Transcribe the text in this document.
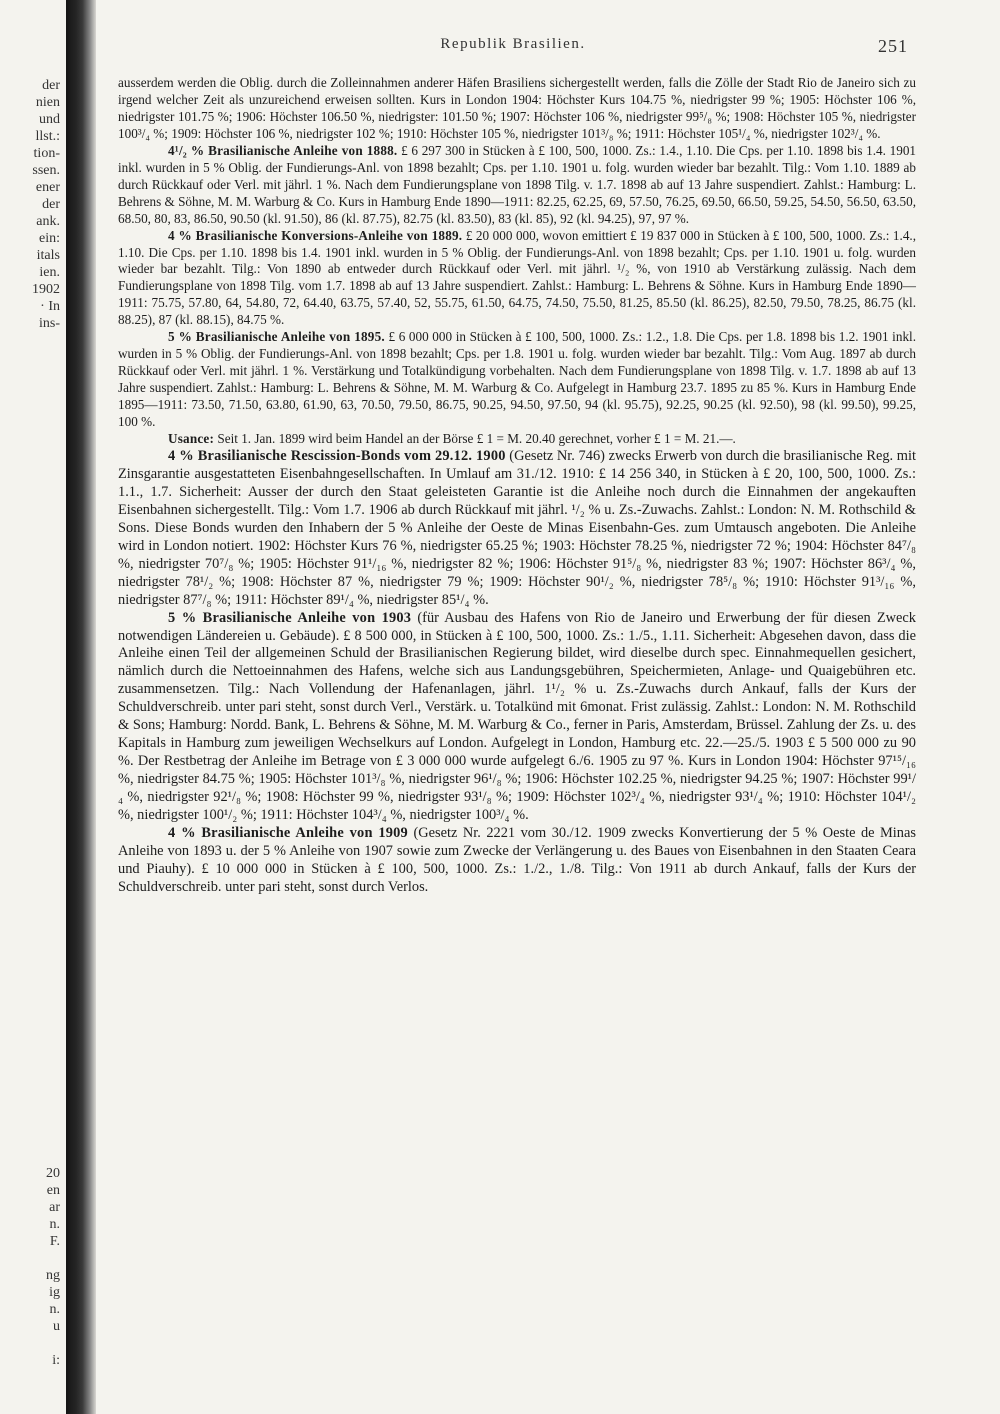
der
nien
und
llst.:
tion-
ssen.
ener
der
ank.
ein:
itals
ien.
1902
· In
ins-
20
en
ar
n.
F.
ng
ig
n.
u
i:
Republik Brasilien.	251

ausserdem werden die Oblig. durch die Zolleinnahmen anderer Häfen Brasiliens sichergestellt werden, falls die Zölle der Stadt Rio de Janeiro sich zu irgend welcher Zeit als unzureichend erweisen sollten. Kurs in London 1904: Höchster Kurs 104.75 %, niedrigster 99 %; 1905: Höchster 106 %, niedrigster 101.75 %; 1906: Höchster 106.50 %, niedrigster: 101.50 %; 1907: Höchster 106 %, niedrigster 99⁵/₈ %; 1908: Höchster 105 %, niedrigster 100³/₄ %; 1909: Höchster 106 %, niedrigster 102 %; 1910: Höchster 105 %, niedrigster 101³/₈ %; 1911: Höchster 105¹/₄ %, niedrigster 102³/₄ %.

4¹/₂ % Brasilianische Anleihe von 1888. £ 6 297 300 in Stücken à £ 100, 500, 1000. Zs.: 1.4., 1.10. Die Cps. per 1.10. 1898 bis 1.4. 1901 inkl. wurden in 5 % Oblig. der Fundierungs-Anl. von 1898 bezahlt; Cps. per 1.10. 1901 u. folg. wurden wieder bar bezahlt. Tilg.: Vom 1.10. 1889 ab durch Rückkauf oder Verl. mit jährl. 1 %. Nach dem Fundierungsplane von 1898 Tilg. v. 1.7. 1898 ab auf 13 Jahre suspendiert. Zahlst.: Hamburg: L. Behrens & Söhne, M. M. Warburg & Co. Kurs in Hamburg Ende 1890—1911: 82.25, 62.25, 69, 57.50, 76.25, 69.50, 66.50, 59.25, 54.50, 56.50, 63.50, 68.50, 80, 83, 86.50, 90.50 (kl. 91.50), 86 (kl. 87.75), 82.75 (kl. 83.50), 83 (kl. 85), 92 (kl. 94.25), 97, 97 %.

4 % Brasilianische Konversions-Anleihe von 1889. £ 20 000 000, wovon emittiert £ 19 837 000 in Stücken à £ 100, 500, 1000. Zs.: 1.4., 1.10. Die Cps. per 1.10. 1898 bis 1.4. 1901 inkl. wurden in 5 % Oblig. der Fundierungs-Anl. von 1898 bezahlt; Cps. per 1.10. 1901 u. folg. wurden wieder bar bezahlt. Tilg.: Von 1890 ab entweder durch Rückkauf oder Verl. mit jährl. ¹/₂ %, von 1910 ab Verstärkung zulässig. Nach dem Fundierungsplane von 1898 Tilg. vom 1.7. 1898 ab auf 13 Jahre suspendiert. Zahlst.: Hamburg: L. Behrens & Söhne. Kurs in Hamburg Ende 1890—1911: 75.75, 57.80, 64, 54.80, 72, 64.40, 63.75, 57.40, 52, 55.75, 61.50, 64.75, 74.50, 75.50, 81.25, 85.50 (kl. 86.25), 82.50, 79.50, 78.25, 86.75 (kl. 88.25), 87 (kl. 88.15), 84.75 %.

5 % Brasilianische Anleihe von 1895. £ 6 000 000 in Stücken à £ 100, 500, 1000. Zs.: 1.2., 1.8. Die Cps. per 1.8. 1898 bis 1.2. 1901 inkl. wurden in 5 % Oblig. der Fundierungs-Anl. von 1898 bezahlt; Cps. per 1.8. 1901 u. folg. wurden wieder bar bezahlt. Tilg.: Vom Aug. 1897 ab durch Rückkauf oder Verl. mit jährl. 1 %. Verstärkung und Totalkündigung vorbehalten. Nach dem Fundierungsplane von 1898 Tilg. v. 1.7. 1898 ab auf 13 Jahre suspendiert. Zahlst.: Hamburg: L. Behrens & Söhne, M. M. Warburg & Co. Aufgelegt in Hamburg 23.7. 1895 zu 85 %. Kurs in Hamburg Ende 1895—1911: 73.50, 71.50, 63.80, 61.90, 63, 70.50, 79.50, 86.75, 90.25, 94.50, 97.50, 94 (kl. 95.75), 92.25, 90.25 (kl. 92.50), 98 (kl. 99.50), 99.25, 100 %.

Usance: Seit 1. Jan. 1899 wird beim Handel an der Börse £ 1 = M. 20.40 gerechnet, vorher £ 1 = M. 21.—.

4 % Brasilianische Rescission-Bonds vom 29.12. 1900 (Gesetz Nr. 746) zwecks Erwerb von durch die brasilianische Reg. mit Zinsgarantie ausgestatteten Eisenbahngesellschaften. In Umlauf am 31./12. 1910: £ 14 256 340, in Stücken à £ 20, 100, 500, 1000. Zs.: 1.1., 1.7. Sicherheit: Ausser der durch den Staat geleisteten Garantie ist die Anleihe noch durch die Einnahmen der angekauften Eisenbahnen sichergestellt. Tilg.: Vom 1.7. 1906 ab durch Rückkauf mit jährl. ¹/₂ % u. Zs.-Zuwachs. Zahlst.: London: N. M. Rothschild & Sons. Diese Bonds wurden den Inhabern der 5 % Anleihe der Oeste de Minas Eisenbahn-Ges. zum Umtausch angeboten. Die Anleihe wird in London notiert. 1902: Höchster Kurs 76 %, niedrigster 65.25 %; 1903: Höchster 78.25 %, niedrigster 72 %; 1904: Höchster 84⁷/₈ %, niedrigster 70⁷/₈ %; 1905: Höchster 91¹/₁₆ %, niedrigster 82 %; 1906: Höchster 91⁵/₈ %, niedrigster 83 %; 1907: Höchster 86³/₄ %, niedrigster 78¹/₂ %; 1908: Höchster 87 %, niedrigster 79 %; 1909: Höchster 90¹/₂ %, niedrigster 78⁵/₈ %; 1910: Höchster 91³/₁₆ %, niedrigster 87⁷/₈ %; 1911: Höchster 89¹/₄ %, niedrigster 85¹/₄ %.

5 % Brasilianische Anleihe von 1903 (für Ausbau des Hafens von Rio de Janeiro und Erwerbung der für diesen Zweck notwendigen Ländereien u. Gebäude). £ 8 500 000, in Stücken à £ 100, 500, 1000. Zs.: 1./5., 1.11. Sicherheit: Abgesehen davon, dass die Anleihe einen Teil der allgemeinen Schuld der Brasilianischen Regierung bildet, wird dieselbe durch spec. Einnahmequellen gesichert, nämlich durch die Nettoeinnahmen des Hafens, welche sich aus Landungsgebühren, Speichermieten, Anlage- und Quaigebühren etc. zusammensetzen. Tilg.: Nach Vollendung der Hafenanlagen, jährl. 1¹/₂ % u. Zs.-Zuwachs durch Ankauf, falls der Kurs der Schuldverschreib. unter pari steht, sonst durch Verl., Verstärk. u. Totalkünd mit 6monat. Frist zulässig. Zahlst.: London: N. M. Rothschild & Sons; Hamburg: Nordd. Bank, L. Behrens & Söhne, M. M. Warburg & Co., ferner in Paris, Amsterdam, Brüssel. Zahlung der Zs. u. des Kapitals in Hamburg zum jeweiligen Wechselkurs auf London. Aufgelegt in London, Hamburg etc. 22.—25./5. 1903 £ 5 500 000 zu 90 %. Der Restbetrag der Anleihe im Betrage von £ 3 000 000 wurde aufgelegt 6./6. 1905 zu 97 %. Kurs in London 1904: Höchster 97¹⁵/₁₆ %, niedrigster 84.75 %; 1905: Höchster 101³/₈ %, niedrigster 96¹/₈ %; 1906: Höchster 102.25 %, niedrigster 94.25 %; 1907: Höchster 99¹/₄ %, niedrigster 92¹/₈ %; 1908: Höchster 99 %, niedrigster 93¹/₈ %; 1909: Höchster 102³/₄ %, niedrigster 93¹/₄ %; 1910: Höchster 104¹/₂ %, niedrigster 100¹/₂ %; 1911: Höchster 104³/₄ %, niedrigster 100³/₄ %.

4 % Brasilianische Anleihe von 1909 (Gesetz Nr. 2221 vom 30./12. 1909 zwecks Konvertierung der 5 % Oeste de Minas Anleihe von 1893 u. der 5 % Anleihe von 1907 sowie zum Zwecke der Verlängerung u. des Baues von Eisenbahnen in den Staaten Ceara und Piauhy). £ 10 000 000 in Stücken à £ 100, 500, 1000. Zs.: 1./2., 1./8. Tilg.: Von 1911 ab durch Ankauf, falls der Kurs der Schuldverschreib. unter pari steht, sonst durch Verlos.
